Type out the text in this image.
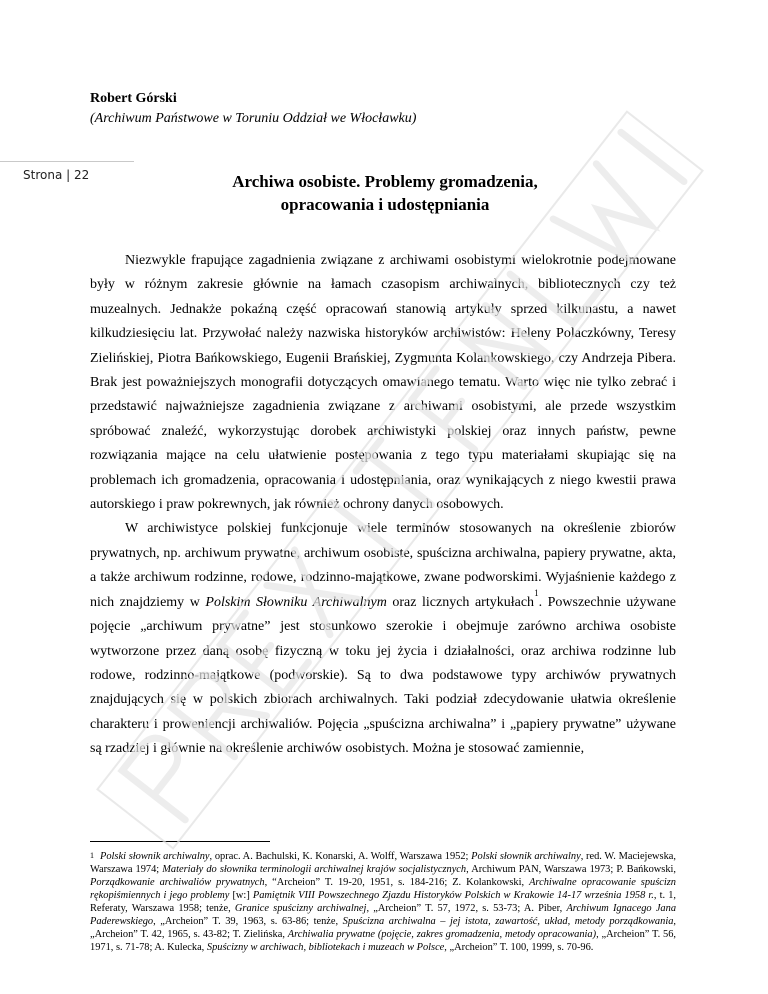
Robert Górski
(Archiwum Państwowe w Toruniu Oddział we Włocławku)
Strona | 22	Archiwa osobiste. Problemy gromadzenia,
opracowania i udostępniania

Niezwykle frapujące zagadnienia związane z archiwami osobistymi wielokrotnie podejmowane były w różnym zakresie głównie na łamach czasopism archiwalnych, bibliotecznych czy też muzealnych. Jednakże pokaźną część opracowań stanowią artykuły sprzed kilkunastu, a nawet kilkudziesięciu lat. Przywołać należy nazwiska historyków archiwistów: Heleny Polaczkówny, Teresy Zielińskiej, Piotra Bańkowskiego, Eugenii Brańskiej, Zygmunta Kolankowskiego, czy Andrzeja Pibera. Brak jest poważniejszych monografii dotyczących omawianego tematu. Warto więc nie tylko zebrać i przedstawić najważniejsze zagadnienia związane z archiwami osobistymi, ale przede wszystkim spróbować znaleźć, wykorzystując dorobek archiwistyki polskiej oraz innych państw, pewne rozwiązania mające na celu ułatwienie postępowania z tego typu materiałami skupiając się na problemach ich gromadzenia, opracowania i udostępniania, oraz wynikających z niego kwestii prawa autorskiego i praw pokrewnych, jak również ochrony danych osobowych.

W archiwistyce polskiej funkcjonuje wiele terminów stosowanych na określenie zbiorów prywatnych, np. archiwum prywatne, archiwum osobiste, spuścizna archiwalna, papiery prywatne, akta, a także archiwum rodzinne, rodowe, rodzinno-majątkowe, zwane podworskimi. Wyjaśnienie każdego z nich znajdziemy w Polskim Słowniku Archiwalnym oraz licznych artykułach$^1$. Powszechnie używane pojęcie „archiwum prywatne” jest stosunkowo szerokie i obejmuje zarówno archiwa osobiste wytworzone przez daną osobę fizyczną w toku jej życia i działalności, oraz archiwa rodzinne lub rodowe, rodzinno-majątkowe (podworskie). Są to dwa podstawowe typy archiwów prywatnych znajdujących się w polskich zbiorach archiwalnych. Taki podział zdecydowanie ułatwia określenie charakteru i proweniencji archiwaliów. Pojęcia „spuścizna archiwalna” i „papiery prywatne” używane są rzadziej i głównie na określenie archiwów osobistych. Można je stosować zamiennie,

$^1$ Polski słownik archiwalny, oprac. A. Bachulski, K. Konarski, A. Wolff, Warszawa 1952; Polski słownik archiwalny, red. W. Maciejewska, Warszawa 1974; Materiały do słownika terminologii archiwalnej krajów socjalistycznych, Archiwum PAN, Warszawa 1973; P. Bańkowski, Porządkowanie archiwaliów prywatnych, “Archeion” T. 19-20, 1951, s. 184-216; Z. Kolankowski, Archiwalne opracowanie spuścizn rękopiśmiennych i jego problemy [w:] Pamiętnik VIII Powszechnego Zjazdu Historyków Polskich w Krakowie 14-17 września 1958 r., t. 1, Referaty, Warszawa 1958; tenże, Granice spuścizny archiwalnej, „Archeion” T. 57, 1972, s. 53-73; A. Piber, Archiwum Ignacego Jana Paderewskiego, „Archeion” T. 39, 1963, s. 63-86; tenże, Spuścizna archiwalna – jej istota, zawartość, układ, metody porządkowania, „Archeion” T. 42, 1965, s. 43-82; T. Zielińska, Archiwalia prywatne (pojęcie, zakres gromadzenia, metody opracowania), „Archeion” T. 56, 1971, s. 71-78; A. Kulecka, Spuścizny w archiwach, bibliotekach i muzeach w Polsce, „Archeion” T. 100, 1999, s. 70-96.
